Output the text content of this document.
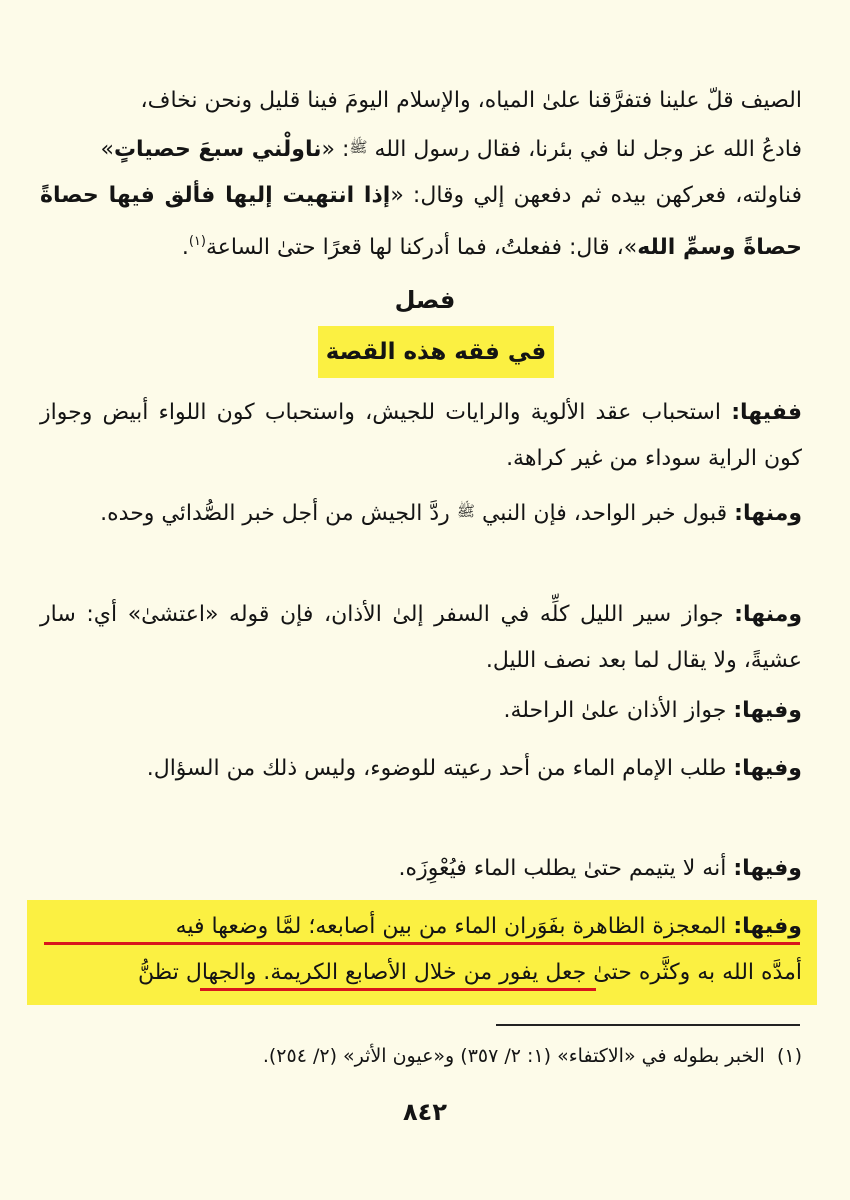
الصيف قلّ علينا فتفرَّقنا علىٰ المياه، والإسلام اليومَ فينا قليل ونحن نخاف،
فادعُ الله عز وجل لنا في بئرنا، فقال رسول الله ﷺ: «ناولْني سبعَ حصياتٍ»
فناولته، فعركهن بيده ثم دفعهن إلي وقال: «إذا انتهيت إليها فألق فيها حصاةً حصاةً وسمِّ الله»، قال: ففعلتُ، فما أدركنا لها قعرًا حتىٰ الساعة$^{(١)}$.
فصل
في فقه هذه القصة
ففيها: استحباب عقد الألوية والرايات للجيش، واستحباب كون اللواء أبيض وجواز كون الراية سوداء من غير كراهة.
ومنها: قبول خبر الواحد، فإن النبي ﷺ ردَّ الجيش من أجل خبر الصُّدائي وحده.
ومنها: جواز سير الليل كلِّه في السفر إلىٰ الأذان، فإن قوله «اعتشىٰ» أي: سار عشيةً، ولا يقال لما بعد نصف الليل.
وفيها: جواز الأذان علىٰ الراحلة.
وفيها: طلب الإمام الماء من أحد رعيته للوضوء، وليس ذلك من السؤال.
وفيها: أنه لا يتيمم حتىٰ يطلب الماء فيُعْوِزَه.
وفيها: المعجزة الظاهرة بفَوَران الماء من بين أصابعه؛ لمَّا وضعها فيه
أمدَّه الله به وكثَّره حتىٰ جعل يفور من خلال الأصابع الكريمة. والجهال تظنُّ
(١)  الخبر بطوله في «الاكتفاء» (١: ٢/ ٣٥٧) و«عيون الأثر» (٢/ ٢٥٤).
٨٤٢
